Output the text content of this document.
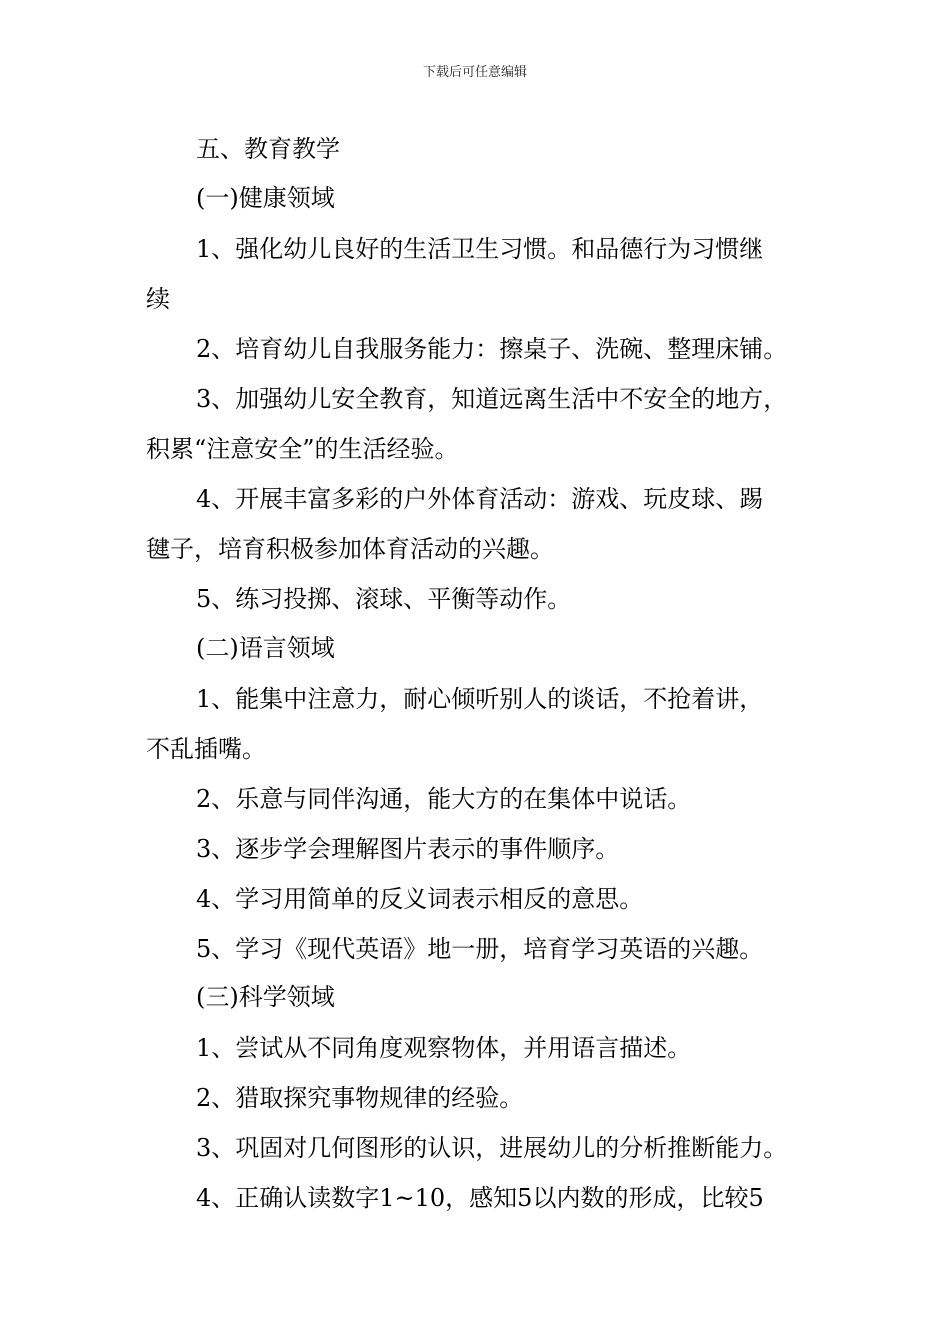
下载后可任意编辑
五、教育教学
(一)健康领域
1、强化幼儿良好的生活卫生习惯。和品德行为习惯继
续
2、培育幼儿自我服务能力：擦桌子、洗碗、整理床铺。
3、加强幼儿安全教育，知道远离生活中不安全的地方，
积累“注意安全”的生活经验。
4、开展丰富多彩的户外体育活动：游戏、玩皮球、踢
毽子，培育积极参加体育活动的兴趣。
5、练习投掷、滚球、平衡等动作。
(二)语言领域
1、能集中注意力，耐心倾听别人的谈话，不抢着讲，
不乱插嘴。
2、乐意与同伴沟通，能大方的在集体中说话。
3、逐步学会理解图片表示的事件顺序。
4、学习用简单的反义词表示相反的意思。
5、学习《现代英语》地一册，培育学习英语的兴趣。
(三)科学领域
1、尝试从不同角度观察物体，并用语言描述。
2、猎取探究事物规律的经验。
3、巩固对几何图形的认识，进展幼儿的分析推断能力。
4、正确认读数字1~10，感知5以内数的形成，比较5
